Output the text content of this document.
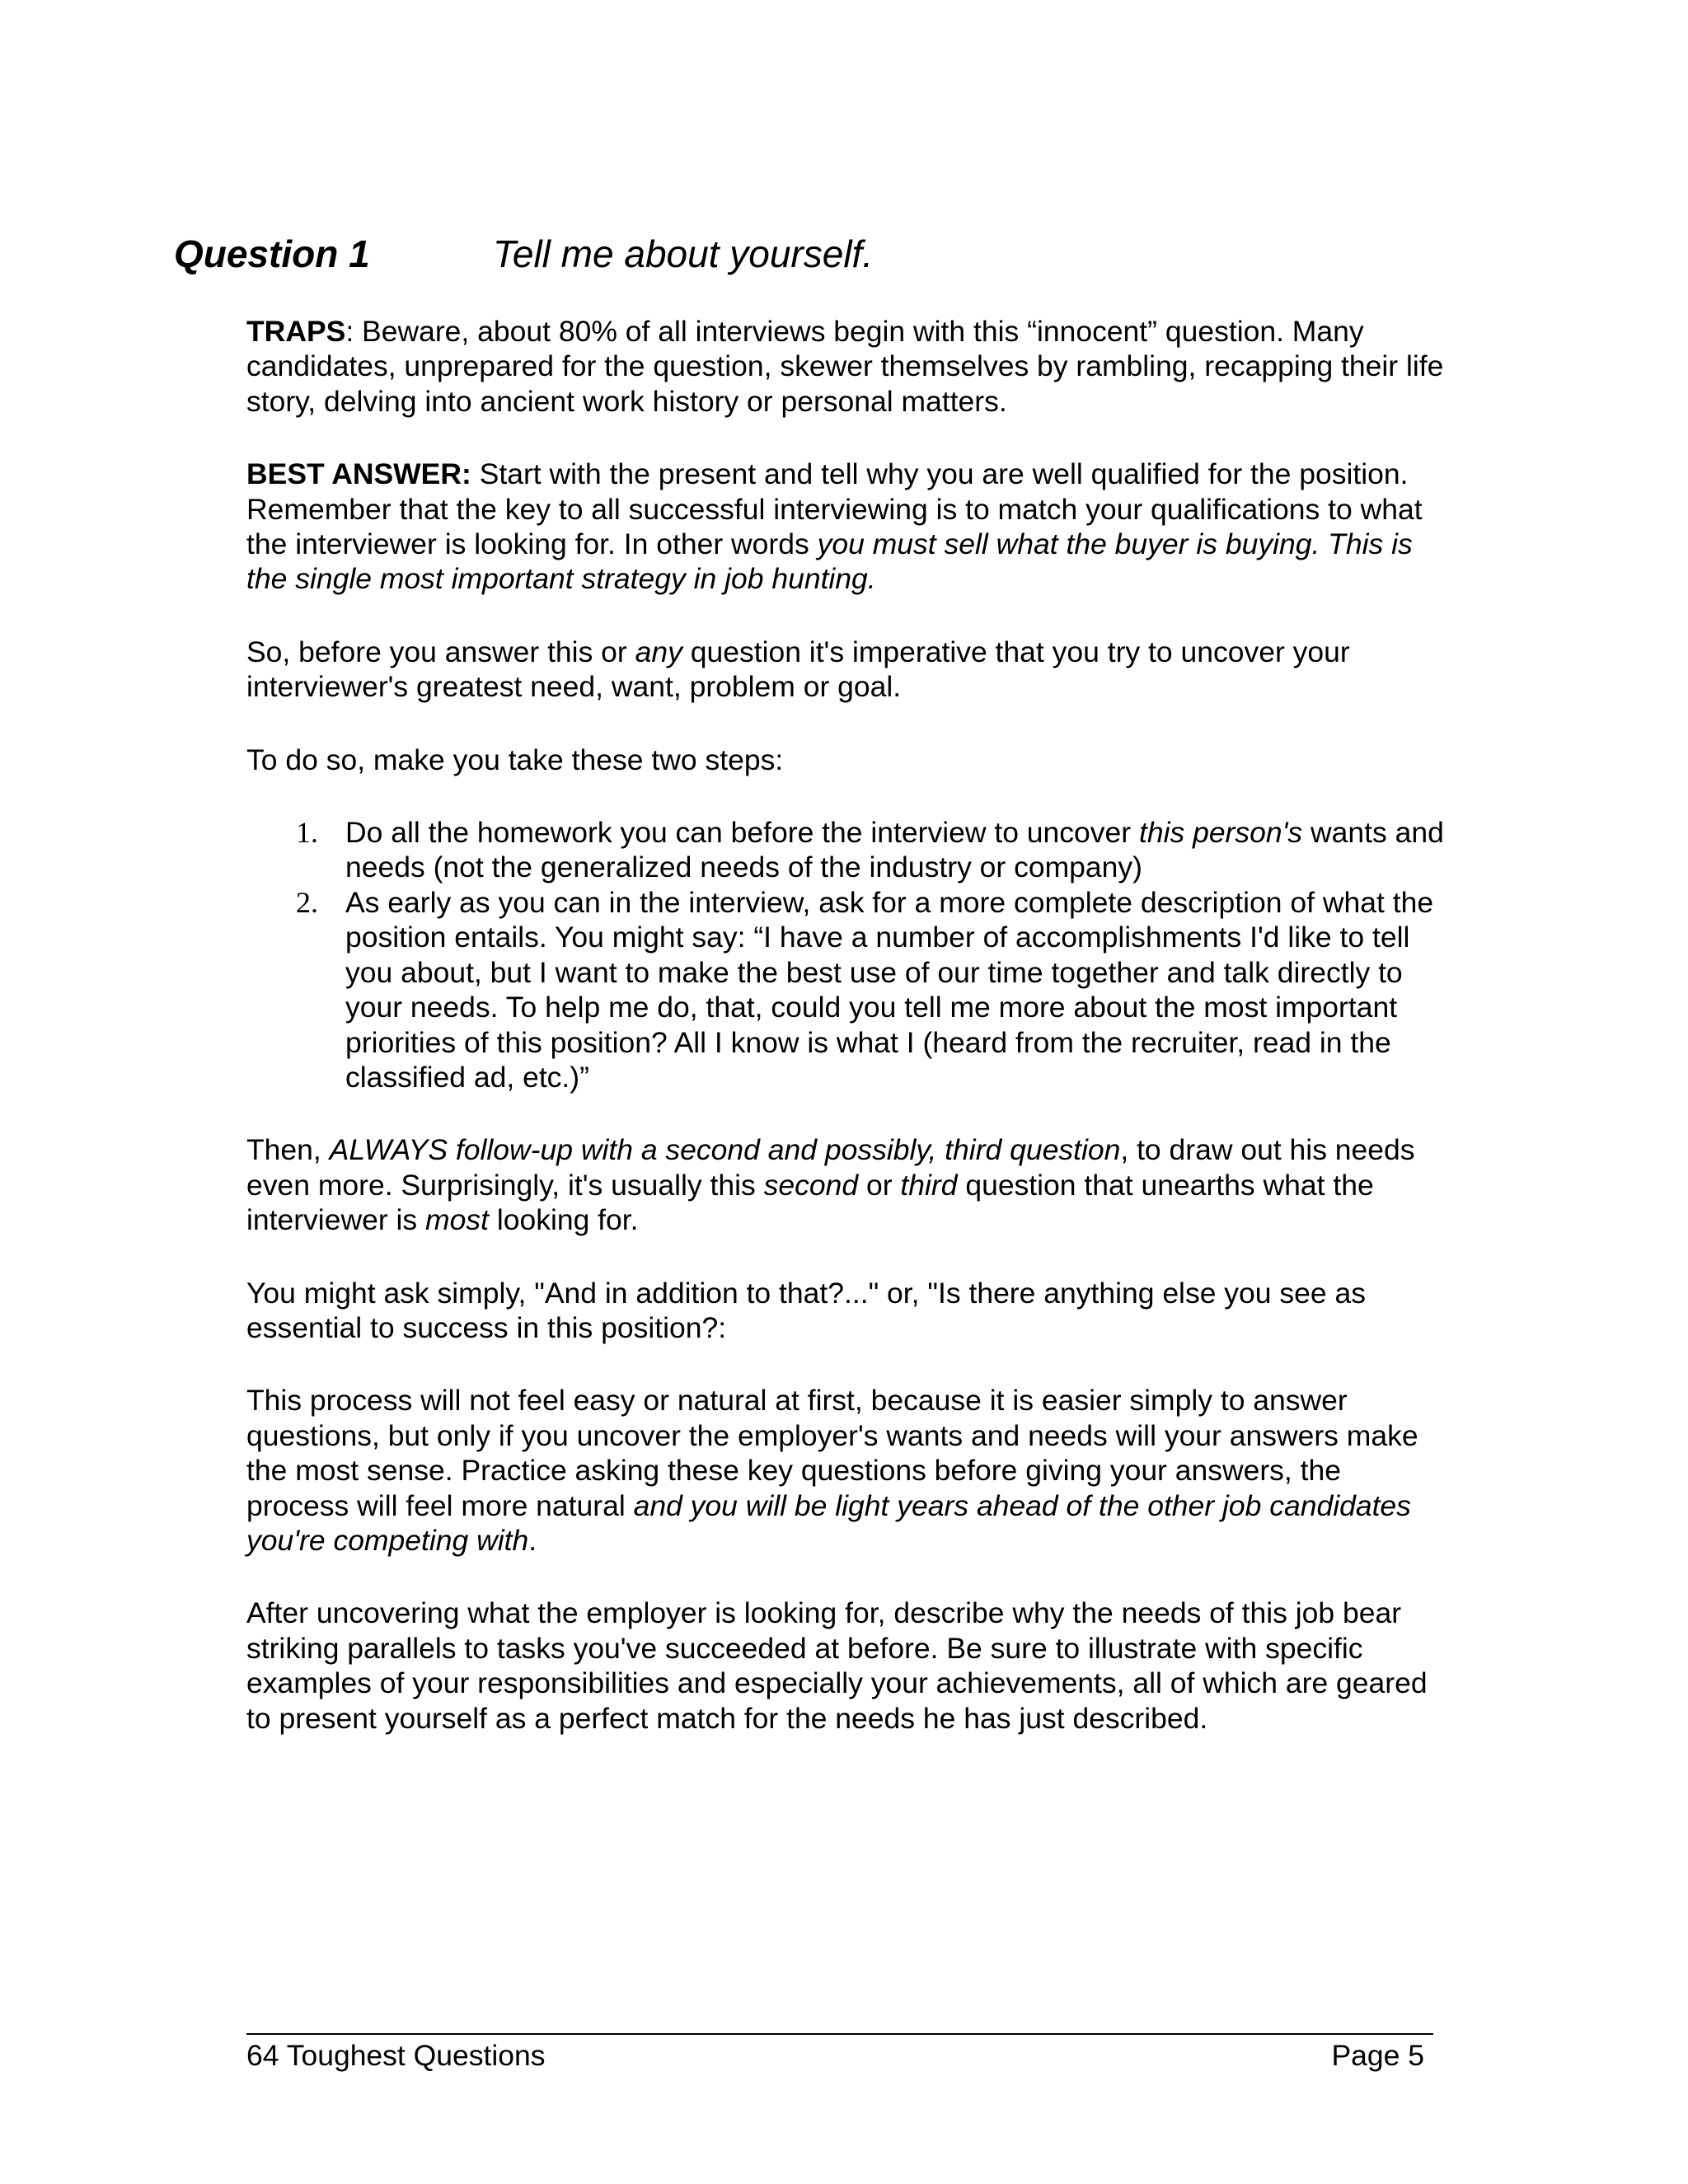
Question 1	Tell me about yourself.

TRAPS: Beware, about 80% of all interviews begin with this “innocent” question. Many candidates, unprepared for the question, skewer themselves by rambling, recapping their life story, delving into ancient work history or personal matters.

BEST ANSWER: Start with the present and tell why you are well qualified for the position. Remember that the key to all successful interviewing is to match your qualifications to what the interviewer is looking for. In other words you must sell what the buyer is buying. This is the single most important strategy in job hunting.

So, before you answer this or any question it's imperative that you try to uncover your interviewer's greatest need, want, problem or goal.

To do so, make you take these two steps:

1. Do all the homework you can before the interview to uncover this person's wants and needs (not the generalized needs of the industry or company)
2. As early as you can in the interview, ask for a more complete description of what the position entails. You might say: “I have a number of accomplishments I'd like to tell you about, but I want to make the best use of our time together and talk directly to your needs. To help me do, that, could you tell me more about the most important priorities of this position? All I know is what I (heard from the recruiter, read in the classified ad, etc.)”

Then, ALWAYS follow-up with a second and possibly, third question, to draw out his needs even more. Surprisingly, it's usually this second or third question that unearths what the interviewer is most looking for.

You might ask simply, "And in addition to that?..." or, "Is there anything else you see as essential to success in this position?:

This process will not feel easy or natural at first, because it is easier simply to answer questions, but only if you uncover the employer's wants and needs will your answers make the most sense. Practice asking these key questions before giving your answers, the process will feel more natural and you will be light years ahead of the other job candidates you're competing with.

After uncovering what the employer is looking for, describe why the needs of this job bear striking parallels to tasks you've succeeded at before. Be sure to illustrate with specific examples of your responsibilities and especially your achievements, all of which are geared to present yourself as a perfect match for the needs he has just described.

64 Toughest Questions	Page 5
